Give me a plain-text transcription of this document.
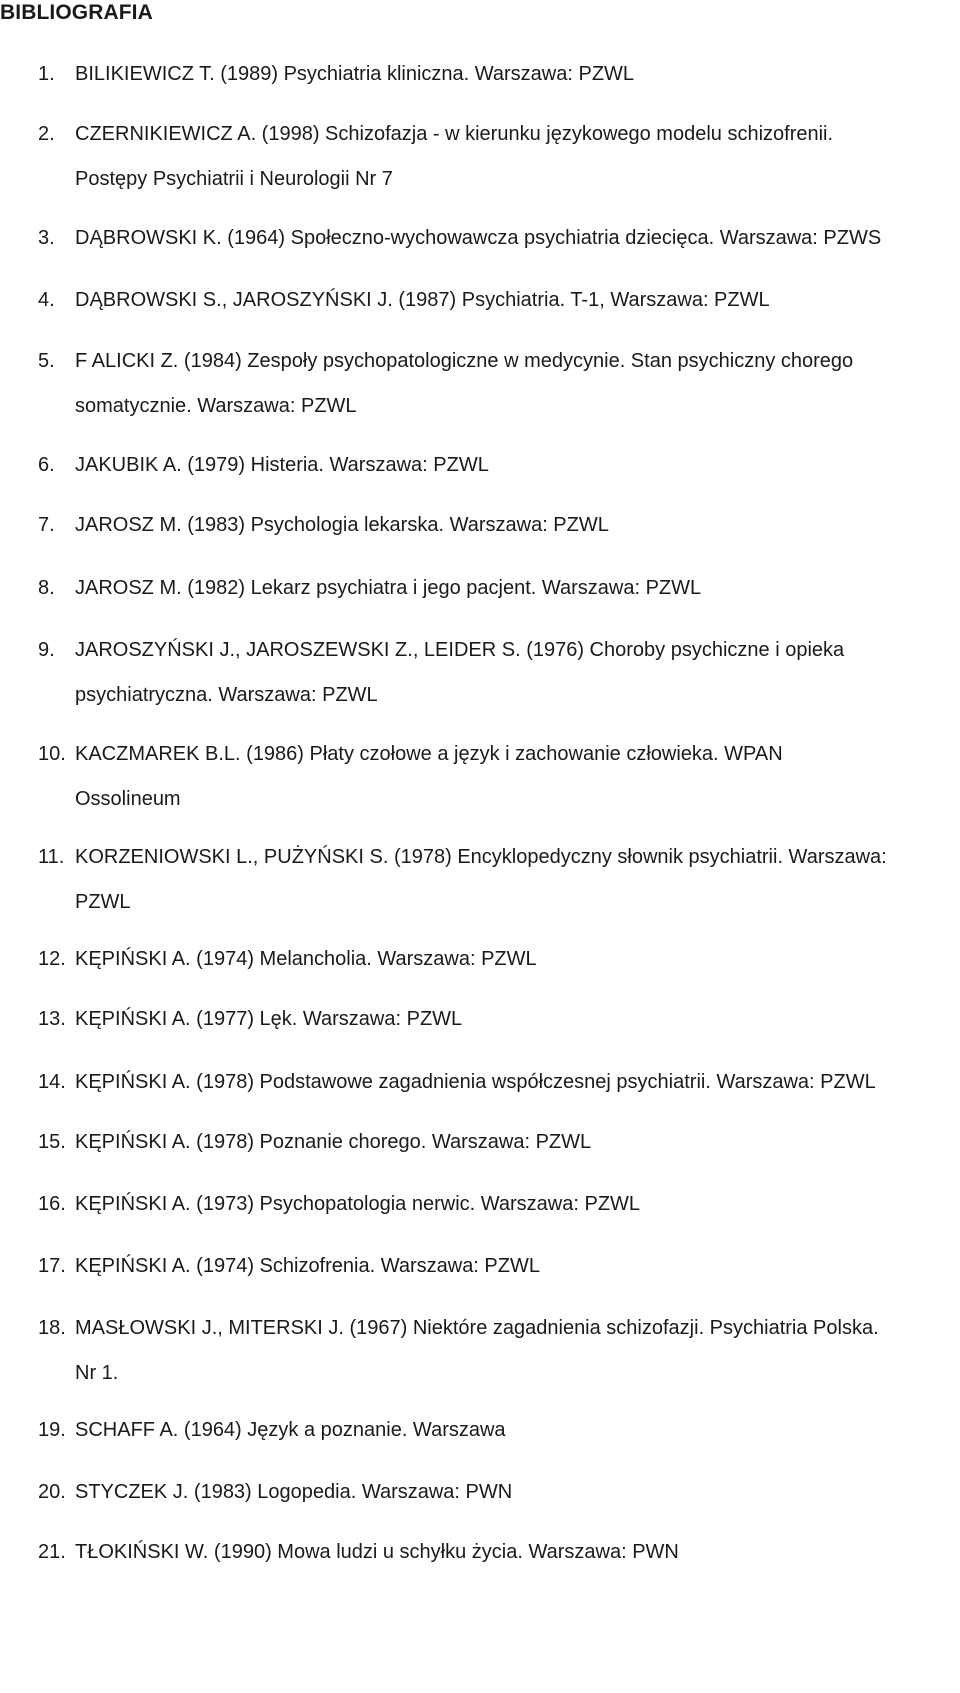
BIBLIOGRAFIA
1. BILIKIEWICZ T. (1989) Psychiatria kliniczna. Warszawa: PZWL
2. CZERNIKIEWICZ A. (1998) Schizofazja - w kierunku językowego modelu schizofrenii.
Postępy Psychiatrii i Neurologii Nr 7
3. DĄBROWSKI K. (1964) Społeczno-wychowawcza psychiatria dziecięca. Warszawa: PZWS
4. DĄBROWSKI S., JAROSZYŃSKI J. (1987) Psychiatria. T-1, Warszawa: PZWL
5. F ALICKI Z. (1984) Zespoły psychopatologiczne w medycynie. Stan psychiczny chorego
somatycznie. Warszawa: PZWL
6. JAKUBIK A. (1979) Histeria. Warszawa: PZWL
7. JAROSZ M. (1983) Psychologia lekarska. Warszawa: PZWL
8. JAROSZ M. (1982) Lekarz psychiatra i jego pacjent. Warszawa: PZWL
9. JAROSZYŃSKI J., JAROSZEWSKI Z., LEIDER S. (1976) Choroby psychiczne i opieka
psychiatryczna. Warszawa: PZWL
10. KACZMAREK B.L. (1986) Płaty czołowe a język i zachowanie człowieka. WPAN
Ossolineum
11. KORZENIOWSKI L., PUŻYŃSKI S. (1978) Encyklopedyczny słownik psychiatrii. Warszawa:
PZWL
12. KĘPIŃSKI A. (1974) Melancholia. Warszawa: PZWL
13. KĘPIŃSKI A. (1977) Lęk. Warszawa: PZWL
14. KĘPIŃSKI A. (1978) Podstawowe zagadnienia współczesnej psychiatrii. Warszawa: PZWL
15. KĘPIŃSKI A. (1978) Poznanie chorego. Warszawa: PZWL
16. KĘPIŃSKI A. (1973) Psychopatologia nerwic. Warszawa: PZWL
17. KĘPIŃSKI A. (1974) Schizofrenia. Warszawa: PZWL
18. MASŁOWSKI J., MITERSKI J. (1967) Niektóre zagadnienia schizofazji. Psychiatria Polska.
Nr 1.
19. SCHAFF A. (1964) Język a poznanie. Warszawa
20. STYCZEK J. (1983) Logopedia. Warszawa: PWN
21. TŁOKIŃSKI W. (1990) Mowa ludzi u schyłku życia. Warszawa: PWN
